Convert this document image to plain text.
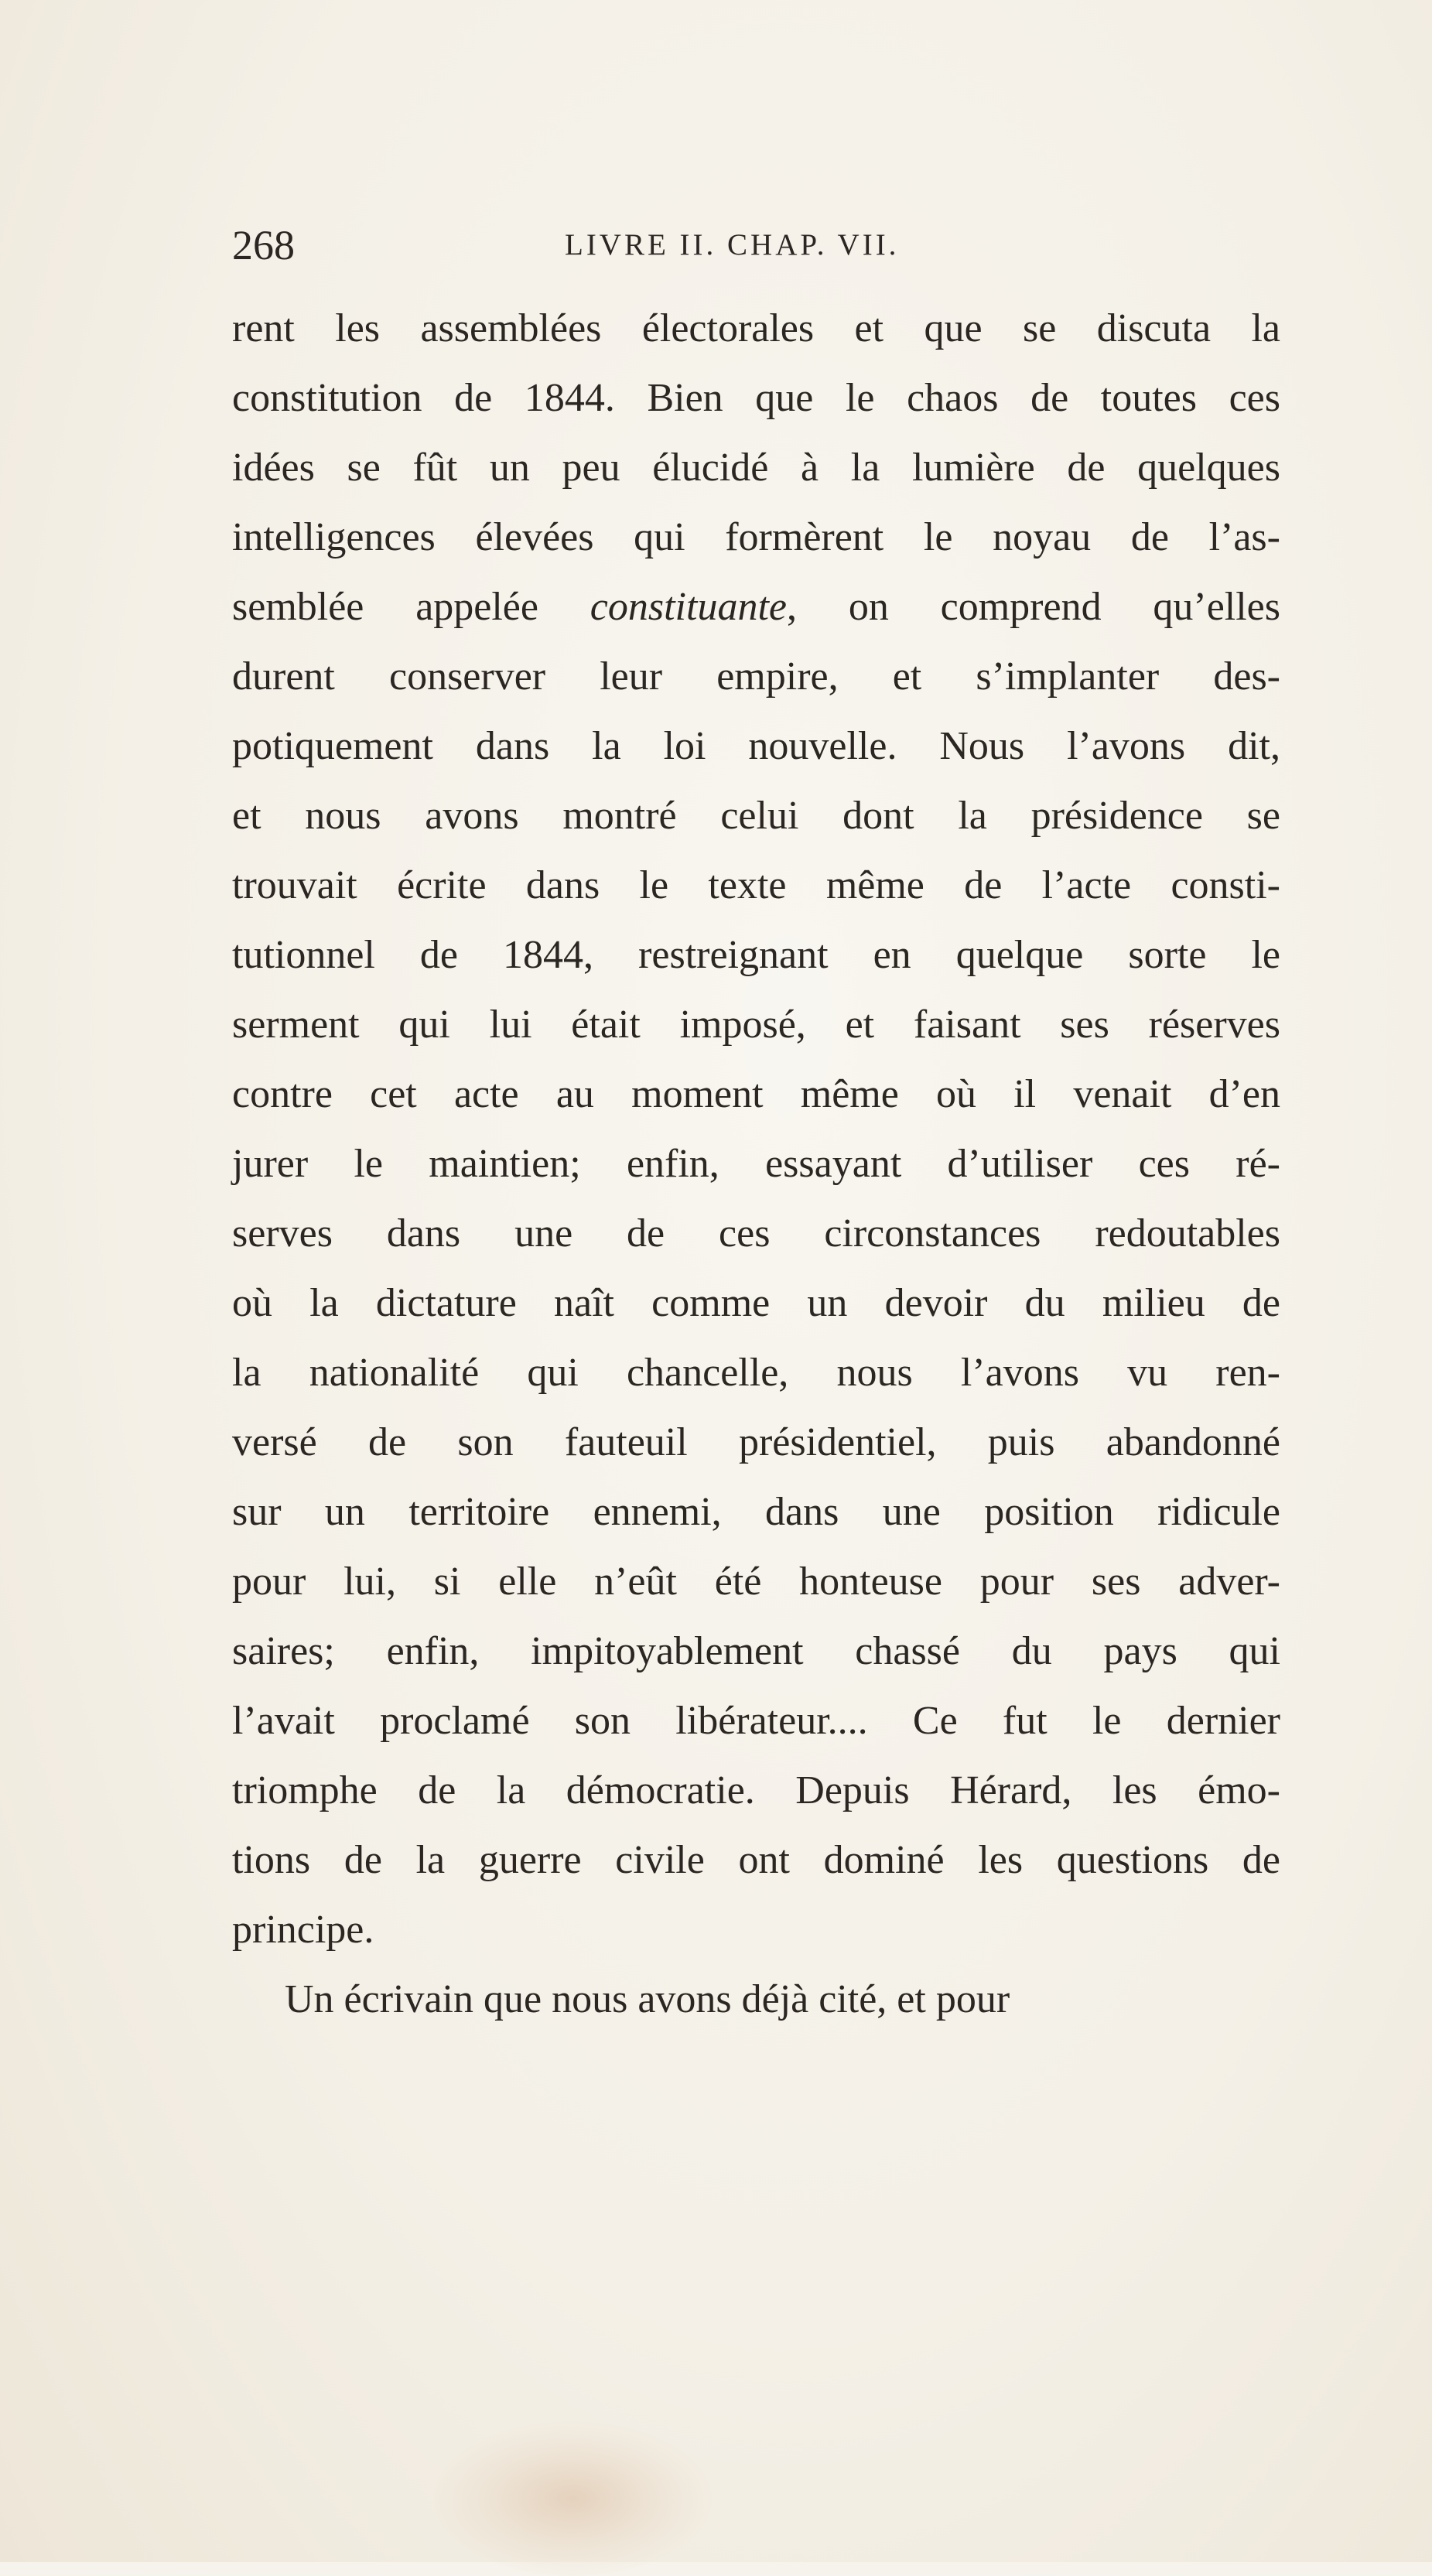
268	LIVRE II. CHAP. VII.
rent les assemblées électorales et que se discuta la
constitution de 1844. Bien que le chaos de toutes ces
idées se fût un peu élucidé à la lumière de quelques
intelligences élevées qui formèrent le noyau de l’as-
semblée appelée constituante, on comprend qu’elles
durent conserver leur empire, et s’implanter des-
potiquement dans la loi nouvelle. Nous l’avons dit,
et nous avons montré celui dont la présidence se
trouvait écrite dans le texte même de l’acte consti-
tutionnel de 1844, restreignant en quelque sorte le
serment qui lui était imposé, et faisant ses réserves
contre cet acte au moment même où il venait d’en
jurer le maintien; enfin, essayant d’utiliser ces ré-
serves dans une de ces circonstances redoutables
où la dictature naît comme un devoir du milieu de
la nationalité qui chancelle, nous l’avons vu ren-
versé de son fauteuil présidentiel, puis abandonné
sur un territoire ennemi, dans une position ridicule
pour lui, si elle n’eût été honteuse pour ses adver-
saires; enfin, impitoyablement chassé du pays qui
l’avait proclamé son libérateur.... Ce fut le dernier
triomphe de la démocratie. Depuis Hérard, les émo-
tions de la guerre civile ont dominé les questions de
principe.
Un écrivain que nous avons déjà cité, et pour
